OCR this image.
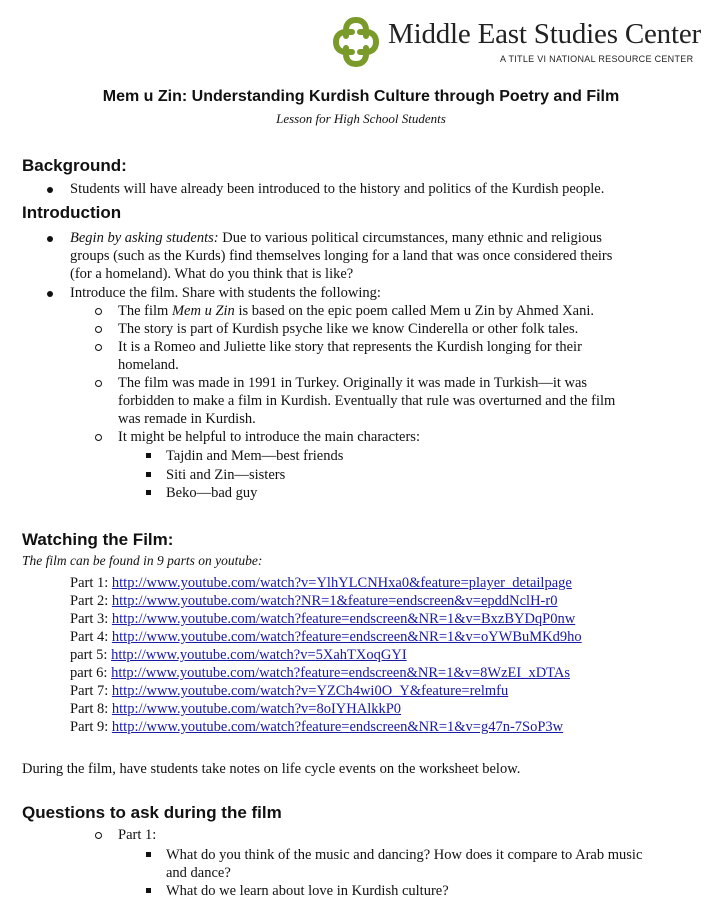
Middle East Studies Center
A TITLE VI NATIONAL RESOURCE CENTER
Mem u Zin: Understanding Kurdish Culture through Poetry and Film
Lesson for High School Students
Background:
Students will have already been introduced to the history and politics of the Kurdish people.
Introduction
Begin by asking students: Due to various political circumstances, many ethnic and religious groups (such as the Kurds) find themselves longing for a land that was once considered theirs (for a homeland). What do you think that is like?
Introduce the film. Share with students the following:
The film Mem u Zin is based on the epic poem called Mem u Zin by Ahmed Xani.
The story is part of Kurdish psyche like we know Cinderella or other folk tales.
It is a Romeo and Juliette like story that represents the Kurdish longing for their homeland.
The film was made in 1991 in Turkey. Originally it was made in Turkish—it was forbidden to make a film in Kurdish. Eventually that rule was overturned and the film was remade in Kurdish.
It might be helpful to introduce the main characters:
Tajdin and Mem—best friends
Siti and Zin—sisters
Beko—bad guy
Watching the Film:
The film can be found in 9 parts on youtube:
Part 1: http://www.youtube.com/watch?v=YlhYLCNHxa0&feature=player_detailpage
Part 2: http://www.youtube.com/watch?NR=1&feature=endscreen&v=epddNclH-r0
Part 3: http://www.youtube.com/watch?feature=endscreen&NR=1&v=BxzBYDqP0nw
Part 4: http://www.youtube.com/watch?feature=endscreen&NR=1&v=oYWBuMKd9ho
part 5: http://www.youtube.com/watch?v=5XahTXoqGYI
part 6: http://www.youtube.com/watch?feature=endscreen&NR=1&v=8WzEI_xDTAs
Part 7: http://www.youtube.com/watch?v=YZCh4wi0O_Y&feature=relmfu
Part 8: http://www.youtube.com/watch?v=8oIYHAlkkP0
Part 9: http://www.youtube.com/watch?feature=endscreen&NR=1&v=g47n-7SoP3w
During the film, have students take notes on life cycle events on the worksheet below.
Questions to ask during the film
Part 1:
What do you think of the music and dancing? How does it compare to Arab music and dance?
What do we learn about love in Kurdish culture?
